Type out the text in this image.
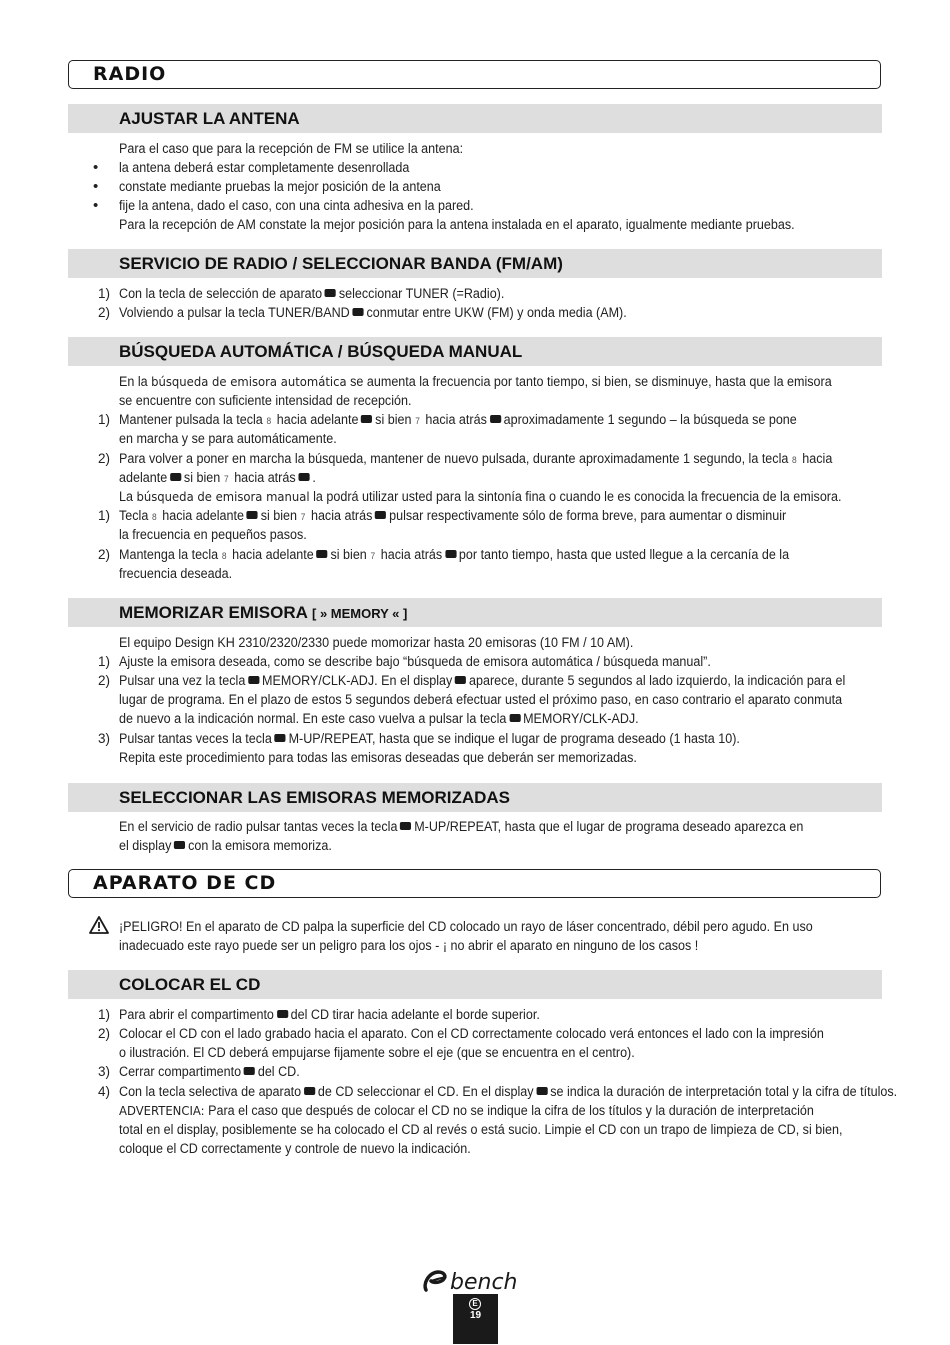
RADIO
AJUSTAR LA ANTENA
Para el caso que para la recepción de FM se utilice la antena:
• la antena deberá estar completamente desenrollada
• constate mediante pruebas la mejor posición de la antena
• fije la antena, dado el caso, con una cinta adhesiva en la pared.
Para la recepción de AM constate la mejor posición para la antena instalada en el aparato, igualmente mediante pruebas.
SERVICIO DE RADIO / SELECCIONAR BANDA (FM/AM)
1) Con la tecla de selección de aparato seleccionar TUNER (=Radio).
2) Volviendo a pulsar la tecla TUNER/BAND conmutar entre UKW (FM) y onda media (AM).
BÚSQUEDA AUTOMÁTICA / BÚSQUEDA MANUAL
En la búsqueda de emisora automática se aumenta la frecuencia por tanto tiempo, si bien, se disminuye, hasta que la emisora
se encuentre con suficiente intensidad de recepción.
1) Mantener pulsada la tecla 8 hacia adelante si bien 7 hacia atrás aproximadamente 1 segundo – la búsqueda se pone
en marcha y se para automáticamente.
2) Para volver a poner en marcha la búsqueda, mantener de nuevo pulsada, durante aproximadamente 1 segundo, la tecla 8 hacia
adelante si bien 7 hacia atrás .
La búsqueda de emisora manual la podrá utilizar usted para la sintonía fina o cuando le es conocida la frecuencia de la emisora.
1) Tecla 8 hacia adelante si bien 7 hacia atrás pulsar respectivamente sólo de forma breve, para aumentar o disminuir
la frecuencia en pequeños pasos.
2) Mantenga la tecla 8 hacia adelante si bien 7 hacia atrás por tanto tiempo, hasta que usted llegue a la cercanía de la
frecuencia deseada.
MEMORIZAR EMISORA [ » MEMORY « ]
El equipo Design KH 2310/2320/2330 puede momorizar hasta 20 emisoras (10 FM / 10 AM).
1) Ajuste la emisora deseada, como se describe bajo “búsqueda de emisora automática / búsqueda manual”.
2) Pulsar una vez la tecla MEMORY/CLK-ADJ. En el display aparece, durante 5 segundos al lado izquierdo, la indicación para el
lugar de programa. En el plazo de estos 5 segundos deberá efectuar usted el próximo paso, en caso contrario el aparato conmuta
de nuevo a la indicación normal. En este caso vuelva a pulsar la tecla MEMORY/CLK-ADJ.
3) Pulsar tantas veces la tecla M-UP/REPEAT, hasta que se indique el lugar de programa deseado (1 hasta 10).
Repita este procedimiento para todas las emisoras deseadas que deberán ser memorizadas.
SELECCIONAR LAS EMISORAS MEMORIZADAS
En el servicio de radio pulsar tantas veces la tecla M-UP/REPEAT, hasta que el lugar de programa deseado aparezca en
el display con la emisora memoriza.
APARATO DE CD
¡PELIGRO! En el aparato de CD palpa la superficie del CD colocado un rayo de láser concentrado, débil pero agudo. En uso
inadecuado este rayo puede ser un peligro para los ojos - ¡ no abrir el aparato en ninguno de los casos !
COLOCAR EL CD
1) Para abrir el compartimento del CD tirar hacia adelante el borde superior.
2) Colocar el CD con el lado grabado hacia el aparato. Con el CD correctamente colocado verá entonces el lado con la impresión
o ilustración. El CD deberá empujarse fijamente sobre el eje (que se encuentra en el centro).
3) Cerrar compartimento del CD.
4) Con la tecla selectiva de aparato de CD seleccionar el CD. En el display se indica la duración de interpretación total y la cifra de títulos.
ADVERTENCIA: Para el caso que después de colocar el CD no se indique la cifra de los títulos y la duración de interpretación
total en el display, posiblemente se ha colocado el CD al revés o está sucio. Limpie el CD con un trapo de limpieza de CD, si bien,
coloque el CD correctamente y controle de nuevo la indicación.
bench
E
19
